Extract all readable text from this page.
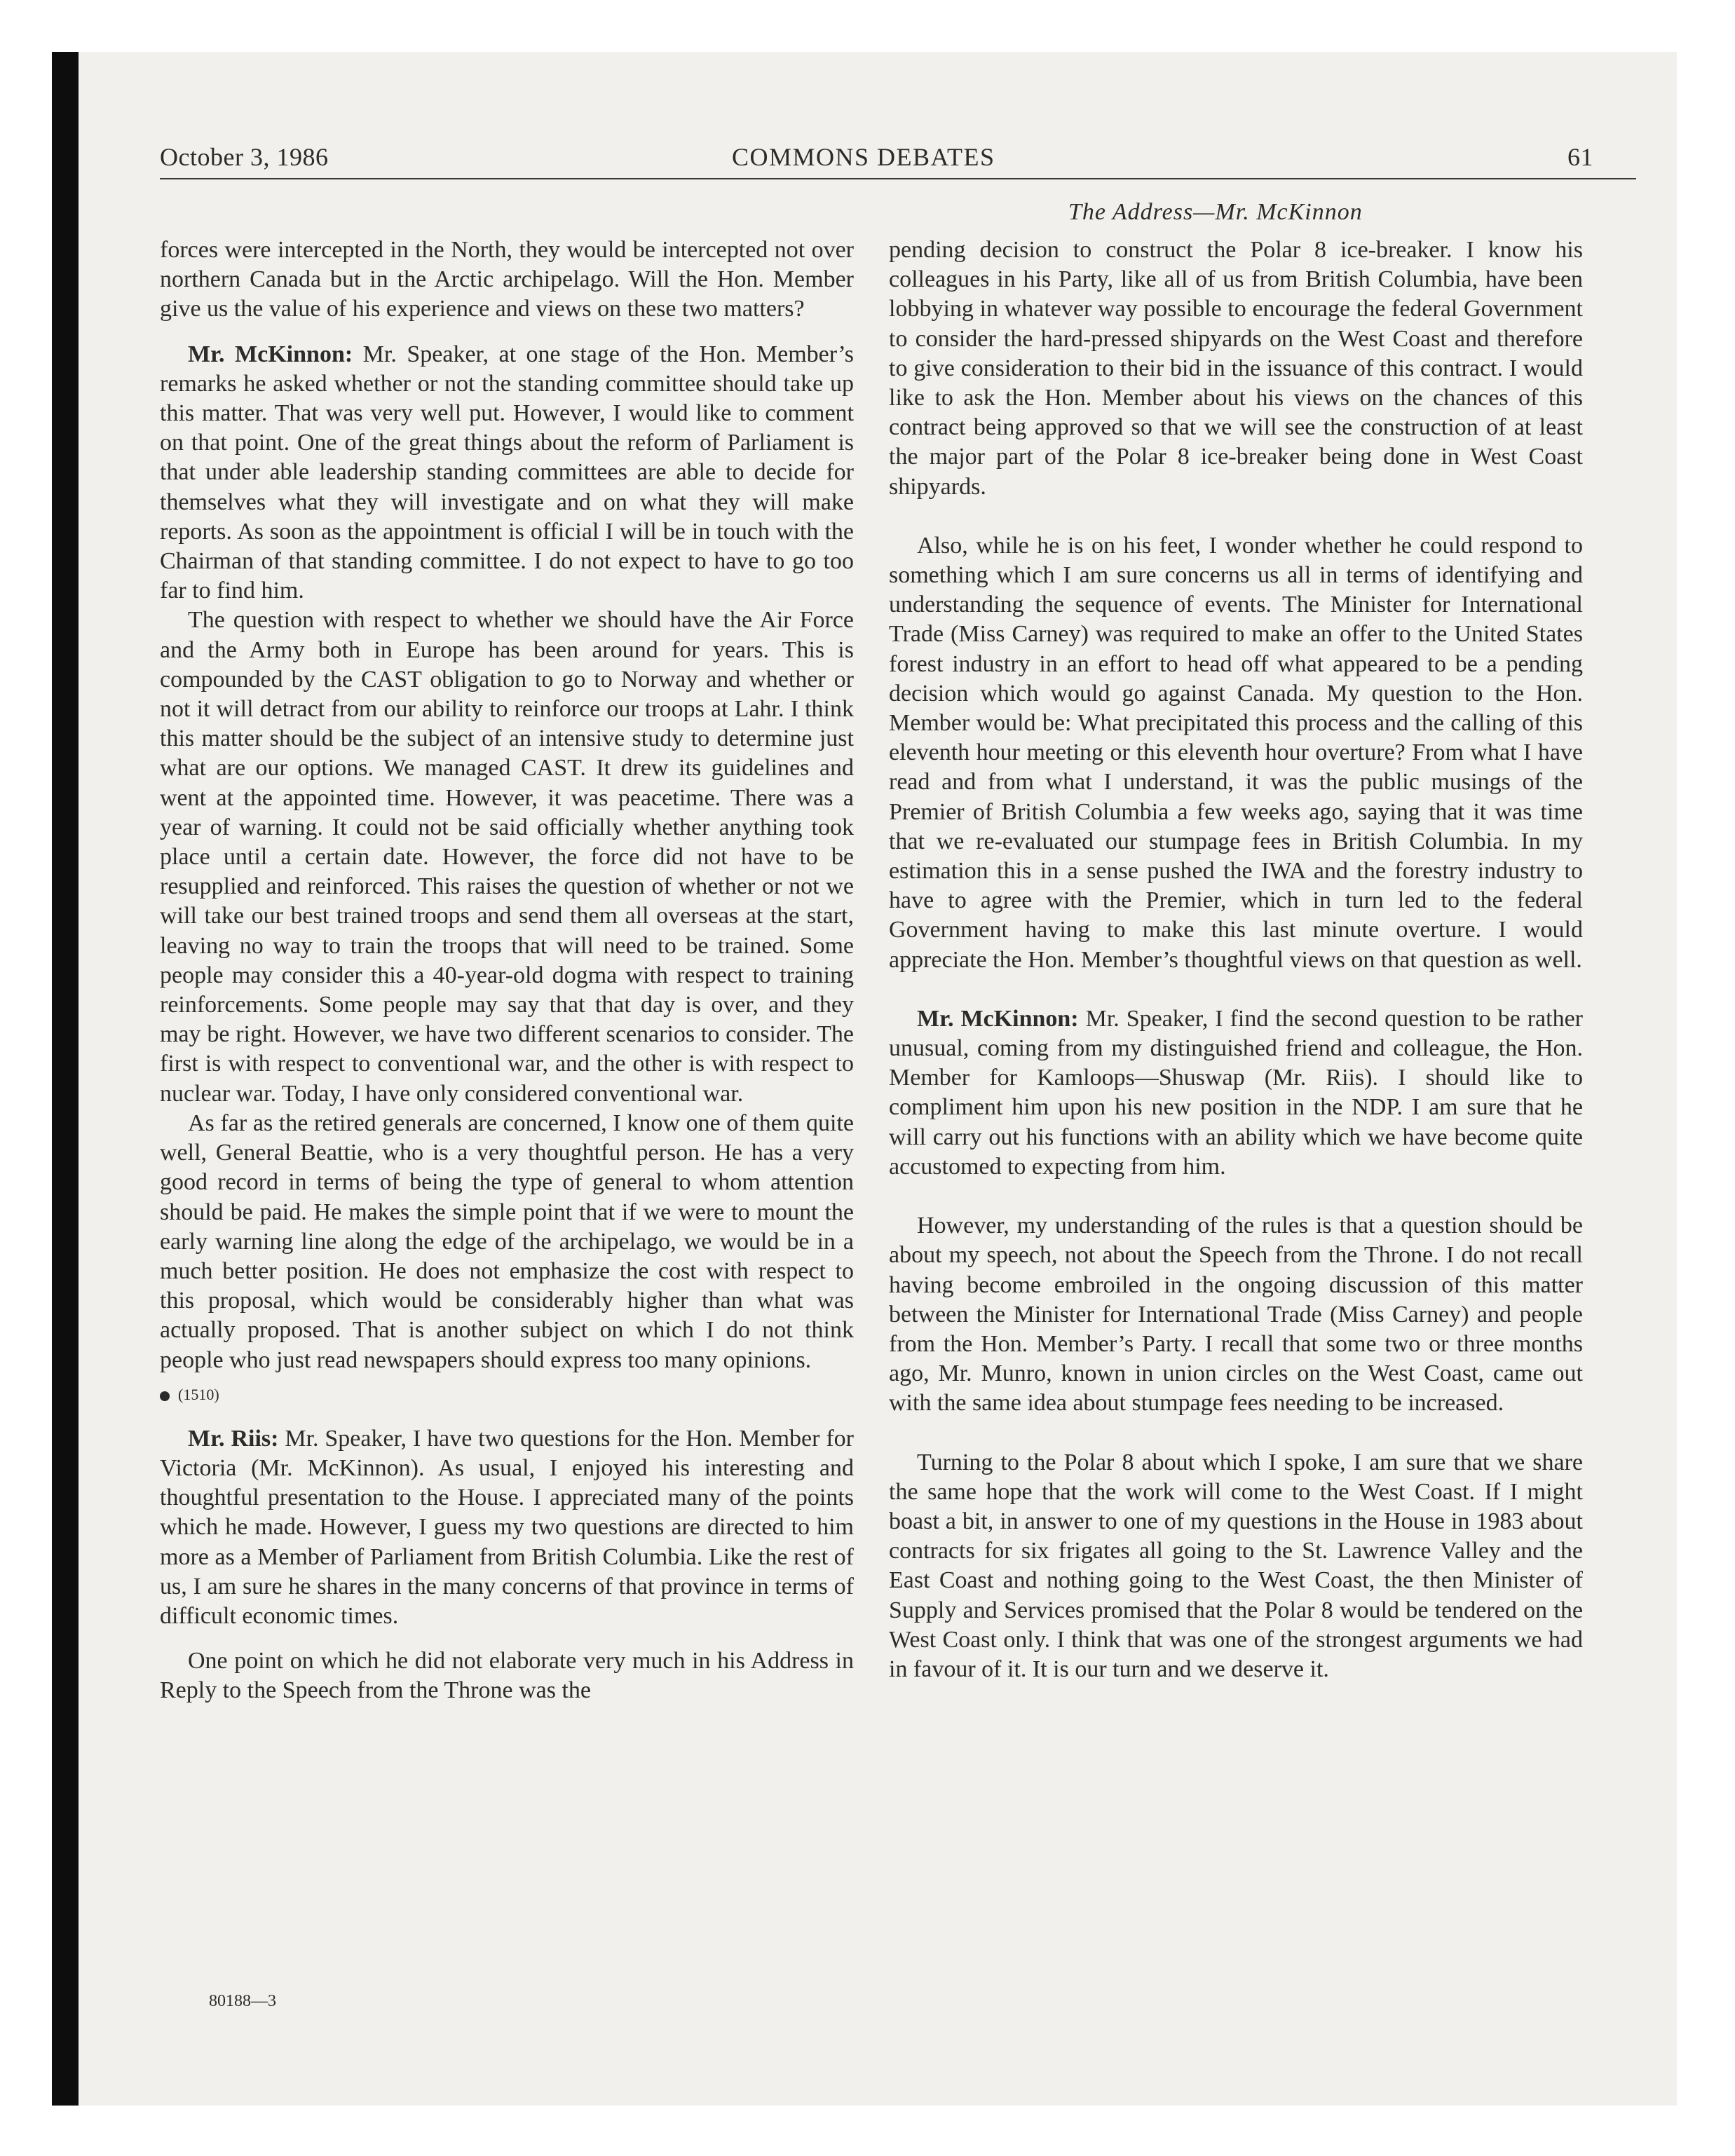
October 3, 1986	COMMONS DEBATES	61
The Address—Mr. McKinnon

forces were intercepted in the North, they would be intercepted not over northern Canada but in the Arctic archipelago. Will the Hon. Member give us the value of his experience and views on these two matters?

Mr. McKinnon: Mr. Speaker, at one stage of the Hon. Member’s remarks he asked whether or not the standing committee should take up this matter. That was very well put. However, I would like to comment on that point. One of the great things about the reform of Parliament is that under able leadership standing committees are able to decide for themselves what they will investigate and on what they will make reports. As soon as the appointment is official I will be in touch with the Chairman of that standing committee. I do not expect to have to go too far to find him.

The question with respect to whether we should have the Air Force and the Army both in Europe has been around for years. This is compounded by the CAST obligation to go to Norway and whether or not it will detract from our ability to reinforce our troops at Lahr. I think this matter should be the subject of an intensive study to determine just what are our options. We managed CAST. It drew its guidelines and went at the appointed time. However, it was peacetime. There was a year of warning. It could not be said officially whether anything took place until a certain date. However, the force did not have to be resupplied and reinforced. This raises the question of whether or not we will take our best trained troops and send them all overseas at the start, leaving no way to train the troops that will need to be trained. Some people may consider this a 40-year-old dogma with respect to training reinforcements. Some people may say that that day is over, and they may be right. However, we have two different scenarios to consider. The first is with respect to conventional war, and the other is with respect to nuclear war. Today, I have only considered conventional war.

As far as the retired generals are concerned, I know one of them quite well, General Beattie, who is a very thoughtful person. He has a very good record in terms of being the type of general to whom attention should be paid. He makes the simple point that if we were to mount the early warning line along the edge of the archipelago, we would be in a much better position. He does not emphasize the cost with respect to this proposal, which would be considerably higher than what was actually proposed. That is another subject on which I do not think people who just read newspapers should express too many opinions.

(1510)

Mr. Riis: Mr. Speaker, I have two questions for the Hon. Member for Victoria (Mr. McKinnon). As usual, I enjoyed his interesting and thoughtful presentation to the House. I appreciated many of the points which he made. However, I guess my two questions are directed to him more as a Member of Parliament from British Columbia. Like the rest of us, I am sure he shares in the many concerns of that province in terms of difficult economic times.

One point on which he did not elaborate very much in his Address in Reply to the Speech from the Throne was the

pending decision to construct the Polar 8 ice-breaker. I know his colleagues in his Party, like all of us from British Columbia, have been lobbying in whatever way possible to encourage the federal Government to consider the hard-pressed shipyards on the West Coast and therefore to give consideration to their bid in the issuance of this contract. I would like to ask the Hon. Member about his views on the chances of this contract being approved so that we will see the construction of at least the major part of the Polar 8 ice-breaker being done in West Coast shipyards.

Also, while he is on his feet, I wonder whether he could respond to something which I am sure concerns us all in terms of identifying and understanding the sequence of events. The Minister for International Trade (Miss Carney) was required to make an offer to the United States forest industry in an effort to head off what appeared to be a pending decision which would go against Canada. My question to the Hon. Member would be: What precipitated this process and the calling of this eleventh hour meeting or this eleventh hour overture? From what I have read and from what I understand, it was the public musings of the Premier of British Columbia a few weeks ago, saying that it was time that we re-evaluated our stumpage fees in British Columbia. In my estimation this in a sense pushed the IWA and the forestry industry to have to agree with the Premier, which in turn led to the federal Government having to make this last minute overture. I would appreciate the Hon. Member’s thoughtful views on that question as well.

Mr. McKinnon: Mr. Speaker, I find the second question to be rather unusual, coming from my distinguished friend and colleague, the Hon. Member for Kamloops—Shuswap (Mr. Riis). I should like to compliment him upon his new position in the NDP. I am sure that he will carry out his functions with an ability which we have become quite accustomed to expecting from him.

However, my understanding of the rules is that a question should be about my speech, not about the Speech from the Throne. I do not recall having become embroiled in the ongoing discussion of this matter between the Minister for International Trade (Miss Carney) and people from the Hon. Member’s Party. I recall that some two or three months ago, Mr. Munro, known in union circles on the West Coast, came out with the same idea about stumpage fees needing to be increased.

Turning to the Polar 8 about which I spoke, I am sure that we share the same hope that the work will come to the West Coast. If I might boast a bit, in answer to one of my questions in the House in 1983 about contracts for six frigates all going to the St. Lawrence Valley and the East Coast and nothing going to the West Coast, the then Minister of Supply and Services promised that the Polar 8 would be tendered on the West Coast only. I think that was one of the strongest arguments we had in favour of it. It is our turn and we deserve it.

80188—3
